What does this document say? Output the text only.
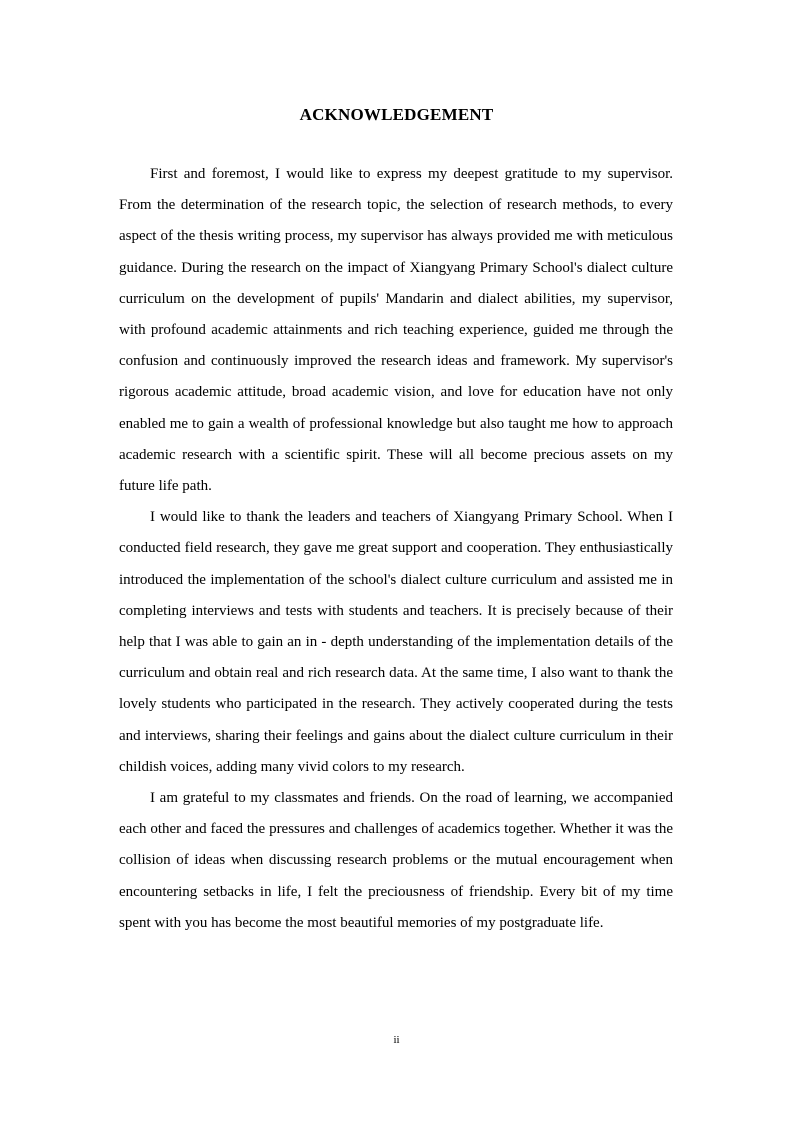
ACKNOWLEDGEMENT

First and foremost, I would like to express my deepest gratitude to my supervisor. From the determination of the research topic, the selection of research methods, to every aspect of the thesis writing process, my supervisor has always provided me with meticulous guidance. During the research on the impact of Xiangyang Primary School's dialect culture curriculum on the development of pupils' Mandarin and dialect abilities, my supervisor, with profound academic attainments and rich teaching experience, guided me through the confusion and continuously improved the research ideas and framework. My supervisor's rigorous academic attitude, broad academic vision, and love for education have not only enabled me to gain a wealth of professional knowledge but also taught me how to approach academic research with a scientific spirit. These will all become precious assets on my future life path.

I would like to thank the leaders and teachers of Xiangyang Primary School. When I conducted field research, they gave me great support and cooperation. They enthusiastically introduced the implementation of the school's dialect culture curriculum and assisted me in completing interviews and tests with students and teachers. It is precisely because of their help that I was able to gain an in - depth understanding of the implementation details of the curriculum and obtain real and rich research data. At the same time, I also want to thank the lovely students who participated in the research. They actively cooperated during the tests and interviews, sharing their feelings and gains about the dialect culture curriculum in their childish voices, adding many vivid colors to my research.

I am grateful to my classmates and friends. On the road of learning, we accompanied each other and faced the pressures and challenges of academics together. Whether it was the collision of ideas when discussing research problems or the mutual encouragement when encountering setbacks in life, I felt the preciousness of friendship. Every bit of my time spent with you has become the most beautiful memories of my postgraduate life.

ii
